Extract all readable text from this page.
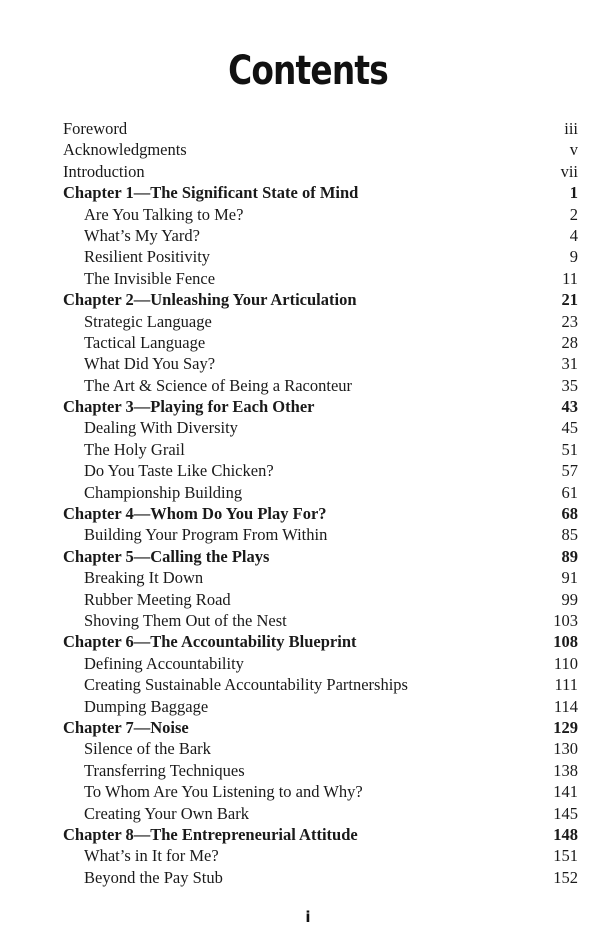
Contents
Foreword	iii
Acknowledgments	v
Introduction	vii
Chapter 1—The Significant State of Mind	1
Are You Talking to Me?	2
What’s My Yard?	4
Resilient Positivity	9
The Invisible Fence	11
Chapter 2—Unleashing Your Articulation	21
Strategic Language	23
Tactical Language	28
What Did You Say?	31
The Art & Science of Being a Raconteur	35
Chapter 3—Playing for Each Other	43
Dealing With Diversity	45
The Holy Grail	51
Do You Taste Like Chicken?	57
Championship Building	61
Chapter 4—Whom Do You Play For?	68
Building Your Program From Within	85
Chapter 5—Calling the Plays	89
Breaking It Down	91
Rubber Meeting Road	99
Shoving Them Out of the Nest	103
Chapter 6—The Accountability Blueprint	108
Defining Accountability	110
Creating Sustainable Accountability Partnerships	111
Dumping Baggage	114
Chapter 7—Noise	129
Silence of the Bark	130
Transferring Techniques	138
To Whom Are You Listening to and Why?	141
Creating Your Own Bark	145
Chapter 8—The Entrepreneurial Attitude	148
What’s in It for Me?	151
Beyond the Pay Stub	152
i
